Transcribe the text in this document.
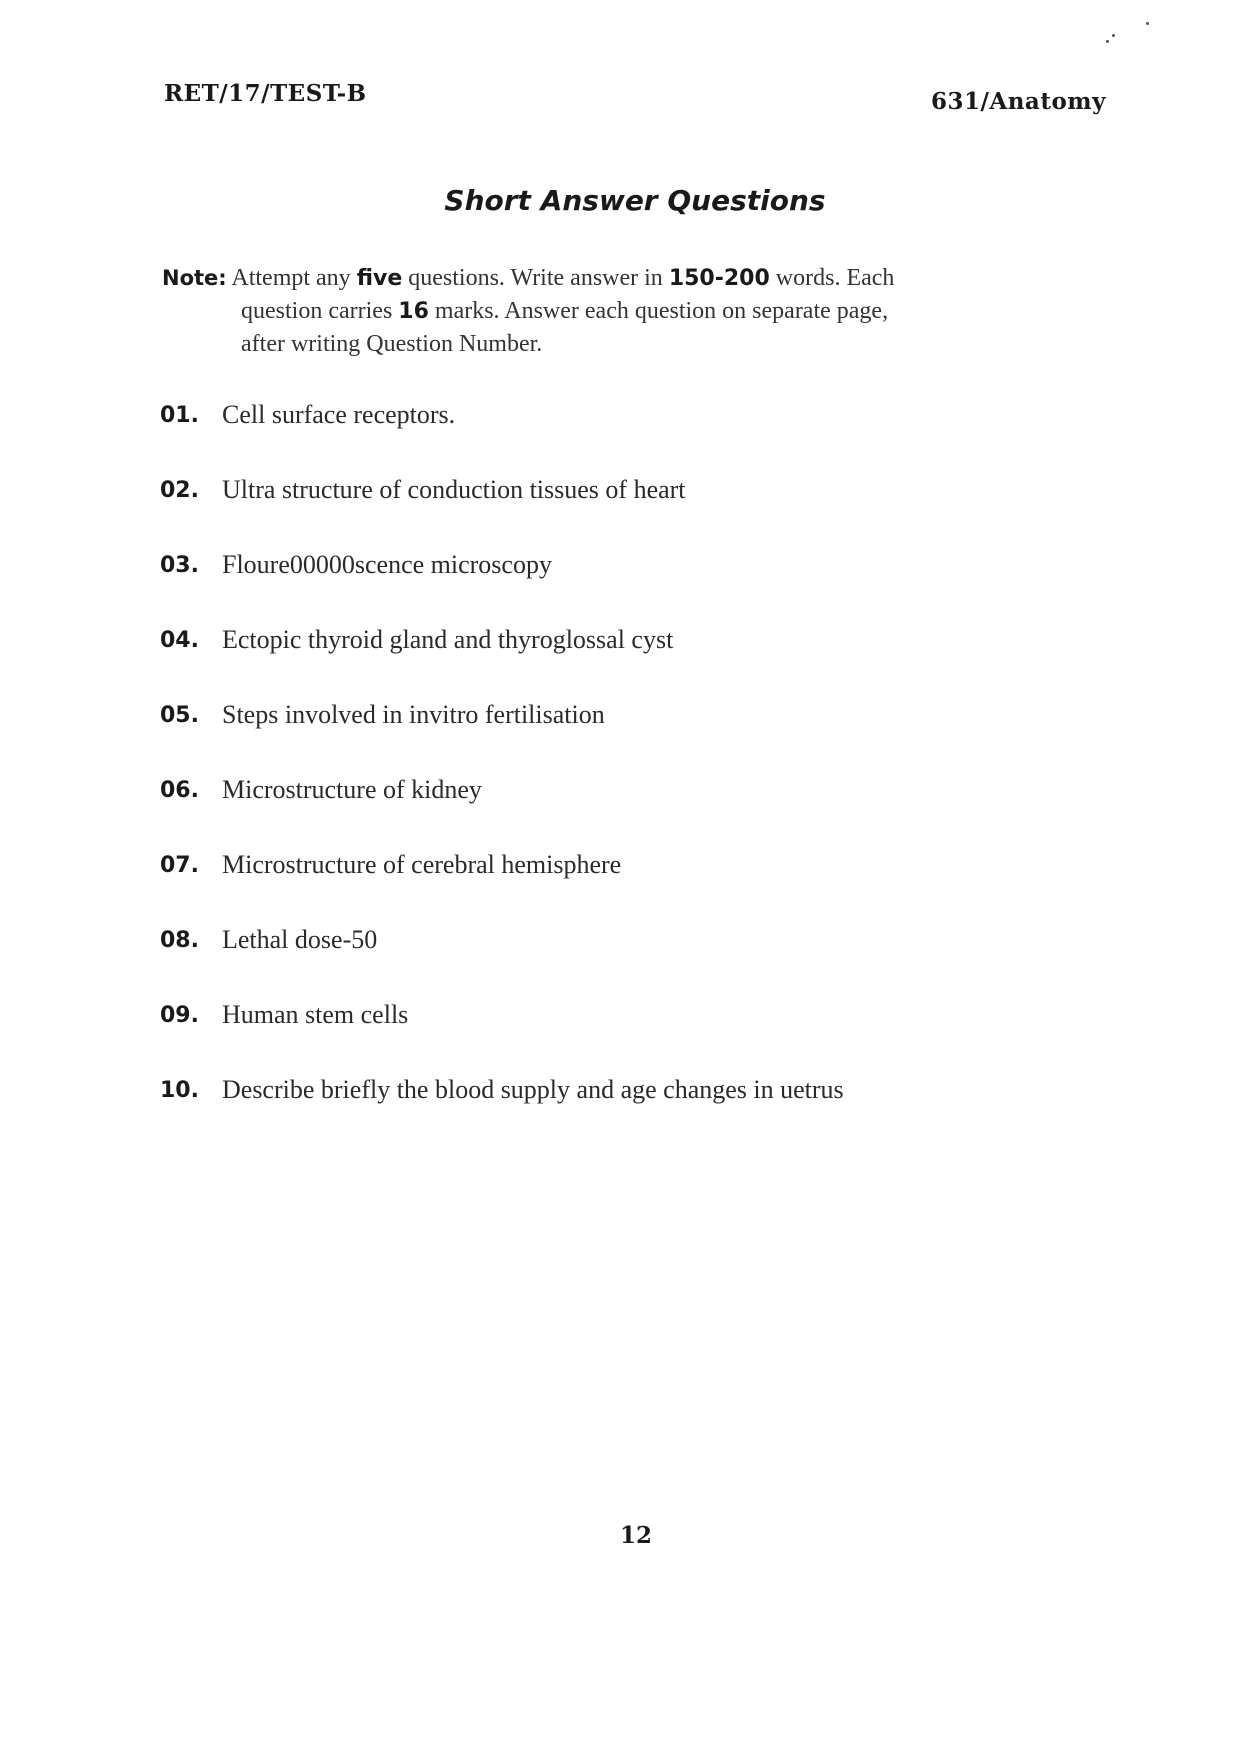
RET/17/TEST-B	631/Anatomy
Short Answer Questions
Note: Attempt any five questions. Write answer in 150-200 words. Each
question carries 16 marks. Answer each question on separate page,
after writing Question Number.
01. Cell surface receptors.
02. Ultra structure of conduction tissues of heart
03. Floure00000scence microscopy
04. Ectopic thyroid gland and thyroglossal cyst
05. Steps involved in invitro fertilisation
06. Microstructure of kidney
07. Microstructure of cerebral hemisphere
08. Lethal dose-50
09. Human stem cells
10. Describe briefly the blood supply and age changes in uetrus
12
